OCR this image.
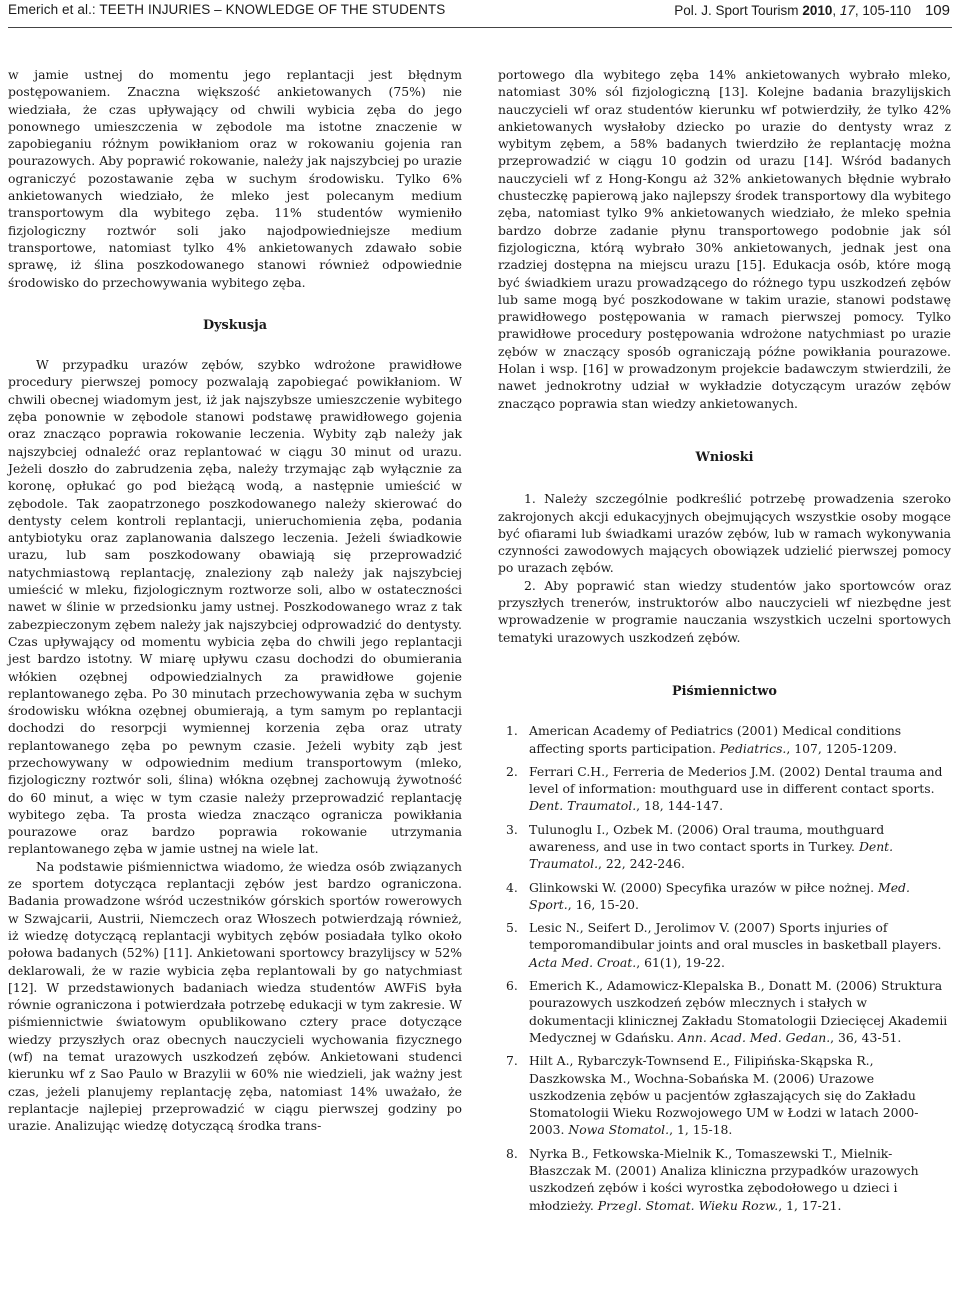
Emerich et al.: TEETH INJURIES – KNOWLEDGE OF THE STUDENTS	Pol. J. Sport Tourism 2010, 17, 105-110 109

w jamie ustnej do momentu jego replantacji jest błędnym postępowaniem. Znaczna większość ankietowanych (75%) nie wiedziała, że czas upływający od chwili wybicia zęba do jego ponownego umieszczenia w zębodole ma istotne znaczenie w zapobieganiu różnym powikłaniom oraz w rokowaniu gojenia ran pourazowych. Aby poprawić rokowanie, należy jak najszybciej po urazie ograniczyć pozostawanie zęba w suchym środowisku. Tylko 6% ankietowanych wiedziało, że mleko jest polecanym medium transportowym dla wybitego zęba. 11% studentów wymieniło fizjologiczny roztwór soli jako najodpowiedniejsze medium transportowe, natomiast tylko 4% ankietowanych zdawało sobie sprawę, iż ślina poszkodowanego stanowi również odpowiednie środowisko do przechowywania wybitego zęba.

Dyskusja

W przypadku urazów zębów, szybko wdrożone prawidłowe procedury pierwszej pomocy pozwalają zapobiegać powikłaniom. W chwili obecnej wiadomym jest, iż jak najszybsze umieszczenie wybitego zęba ponownie w zębodole stanowi podstawę prawidłowego gojenia oraz znacząco poprawia rokowanie leczenia. Wybity ząb należy jak najszybciej odnaleźć oraz replantować w ciągu 30 minut od urazu. Jeżeli doszło do zabrudzenia zęba, należy trzymając ząb wyłącznie za koronę, opłukać go pod bieżącą wodą, a następnie umieścić w zębodole. Tak zaopatrzonego poszkodowanego należy skierować do dentysty celem kontroli replantacji, unieruchomienia zęba, podania antybiotyku oraz zaplanowania dalszego leczenia. Jeżeli świadkowie urazu, lub sam poszkodowany obawiają się przeprowadzić natychmiastową replantację, znaleziony ząb należy jak najszybciej umieścić w mleku, fizjologicznym roztworze soli, albo w ostateczności nawet w ślinie w przedsionku jamy ustnej. Poszkodowanego wraz z tak zabezpieczonym zębem należy jak najszybciej odprowadzić do dentysty. Czas upływający od momentu wybicia zęba do chwili jego replantacji jest bardzo istotny. W miarę upływu czasu dochodzi do obumierania włókien ozębnej odpowiedzialnych za prawidłowe gojenie replantowanego zęba. Po 30 minutach przechowywania zęba w suchym środowisku włókna ozębnej obumierają, a tym samym po replantacji dochodzi do resorpcji wymiennej korzenia zęba oraz utraty replantowanego zęba po pewnym czasie. Jeżeli wybity ząb jest przechowywany w odpowiednim medium transportowym (mleko, fizjologiczny roztwór soli, ślina) włókna ozębnej zachowują żywotność do 60 minut, a więc w tym czasie należy przeprowadzić replantację wybitego zęba. Ta prosta wiedza znacząco ogranicza powikłania pourazowe oraz bardzo poprawia rokowanie utrzymania replantowanego zęba w jamie ustnej na wiele lat.

Na podstawie piśmiennictwa wiadomo, że wiedza osób związanych ze sportem dotycząca replantacji zębów jest bardzo ograniczona. Badania prowadzone wśród uczestników górskich sportów rowerowych w Szwajcarii, Austrii, Niemczech oraz Włoszech potwierdzają również, iż wiedzę dotyczącą replantacji wybitych zębów posiadała tylko około połowa badanych (52%) [11]. Ankietowani sportowcy brazylijscy w 52% deklarowali, że w razie wybicia zęba replantowali by go natychmiast [12]. W przedstawionych badaniach wiedza studentów AWFiS była równie ograniczona i potwierdzała potrzebę edukacji w tym zakresie. W piśmiennictwie światowym opublikowano cztery prace dotyczące wiedzy przyszłych oraz obecnych nauczycieli wychowania fizycznego (wf) na temat urazowych uszkodzeń zębów. Ankietowani studenci kierunku wf z Sao Paulo w Brazylii w 60% nie wiedzieli, jak ważny jest czas, jeżeli planujemy replantację zęba, natomiast 14% uważało, że replantacje najlepiej przeprowadzić w ciągu pierwszej godziny po urazie. Analizując wiedzę dotyczącą środka trans-

portowego dla wybitego zęba 14% ankietowanych wybrało mleko, natomiast 30% sól fizjologiczną [13]. Kolejne badania brazylijskich nauczycieli wf oraz studentów kierunku wf potwierdziły, że tylko 42% ankietowanych wysłałoby dziecko po urazie do dentysty wraz z wybitym zębem, a 58% badanych twierdziło że replantację można przeprowadzić w ciągu 10 godzin od urazu [14]. Wśród badanych nauczycieli wf z Hong-Kongu aż 32% ankietowanych błędnie wybrało chusteczkę papierową jako najlepszy środek transportowy dla wybitego zęba, natomiast tylko 9% ankietowanych wiedziało, że mleko spełnia bardzo dobrze zadanie płynu transportowego podobnie jak sól fizjologiczna, którą wybrało 30% ankietowanych, jednak jest ona rzadziej dostępna na miejscu urazu [15]. Edukacja osób, które mogą być świadkiem urazu prowadzącego do różnego typu uszkodzeń zębów lub same mogą być poszkodowane w takim urazie, stanowi podstawę prawidłowego postępowania w ramach pierwszej pomocy. Tylko prawidłowe procedury postępowania wdrożone natychmiast po urazie zębów w znaczący sposób ograniczają późne powikłania pourazowe. Holan i wsp. [16] w prowadzonym projekcie badawczym stwierdzili, że nawet jednokrotny udział w wykładzie dotyczącym urazów zębów znacząco poprawia stan wiedzy ankietowanych.

Wnioski

1. Należy szczególnie podkreślić potrzebę prowadzenia szeroko zakrojonych akcji edukacyjnych obejmujących wszystkie osoby mogące być ofiarami lub świadkami urazów zębów, lub w ramach wykonywania czynności zawodowych mających obowiązek udzielić pierwszej pomocy po urazach zębów.

2. Aby poprawić stan wiedzy studentów jako sportowców oraz przyszłych trenerów, instruktorów albo nauczycieli wf niezbędne jest wprowadzenie w programie nauczania wszystkich uczelni sportowych tematyki urazowych uszkodzeń zębów.

Piśmiennictwo

1. American Academy of Pediatrics (2001) Medical conditions affecting sports participation. Pediatrics., 107, 1205-1209.
2. Ferrari C.H., Ferreria de Mederios J.M. (2002) Dental trauma and level of information: mouthguard use in different contact sports. Dent. Traumatol., 18, 144-147.
3. Tulunoglu I., Ozbek M. (2006) Oral trauma, mouthguard awareness, and use in two contact sports in Turkey. Dent. Traumatol., 22, 242-246.
4. Glinkowski W. (2000) Specyfika urazów w piłce nożnej. Med. Sport., 16, 15-20.
5. Lesic N., Seifert D., Jerolimov V. (2007) Sports injuries of temporomandibular joints and oral muscles in basketball players. Acta Med. Croat., 61(1), 19-22.
6. Emerich K., Adamowicz-Klepalska B., Donatt M. (2006) Struktura pourazowych uszkodzeń zębów mlecznych i stałych w dokumentacji klinicznej Zakładu Stomatologii Dziecięcej Akademii Medycznej w Gdańsku. Ann. Acad. Med. Gedan., 36, 43-51.
7. Hilt A., Rybarczyk-Townsend E., Filipińska-Skąpska R., Daszkowska M., Wochna-Sobańska M. (2006) Urazowe uszkodzenia zębów u pacjentów zgłaszających się do Zakładu Stomatologii Wieku Rozwojowego UM w Łodzi w latach 2000-2003. Nowa Stomatol., 1, 15-18.
8. Nyrka B., Fetkowska-Mielnik K., Tomaszewski T., Mielnik-Błaszczak M. (2001) Analiza klinicznа przypadków urazowych uszkodzeń zębów i kości wyrostka zębodołowego u dzieci i młodzieży. Przegl. Stomat. Wieku Rozw., 1, 17-21.
